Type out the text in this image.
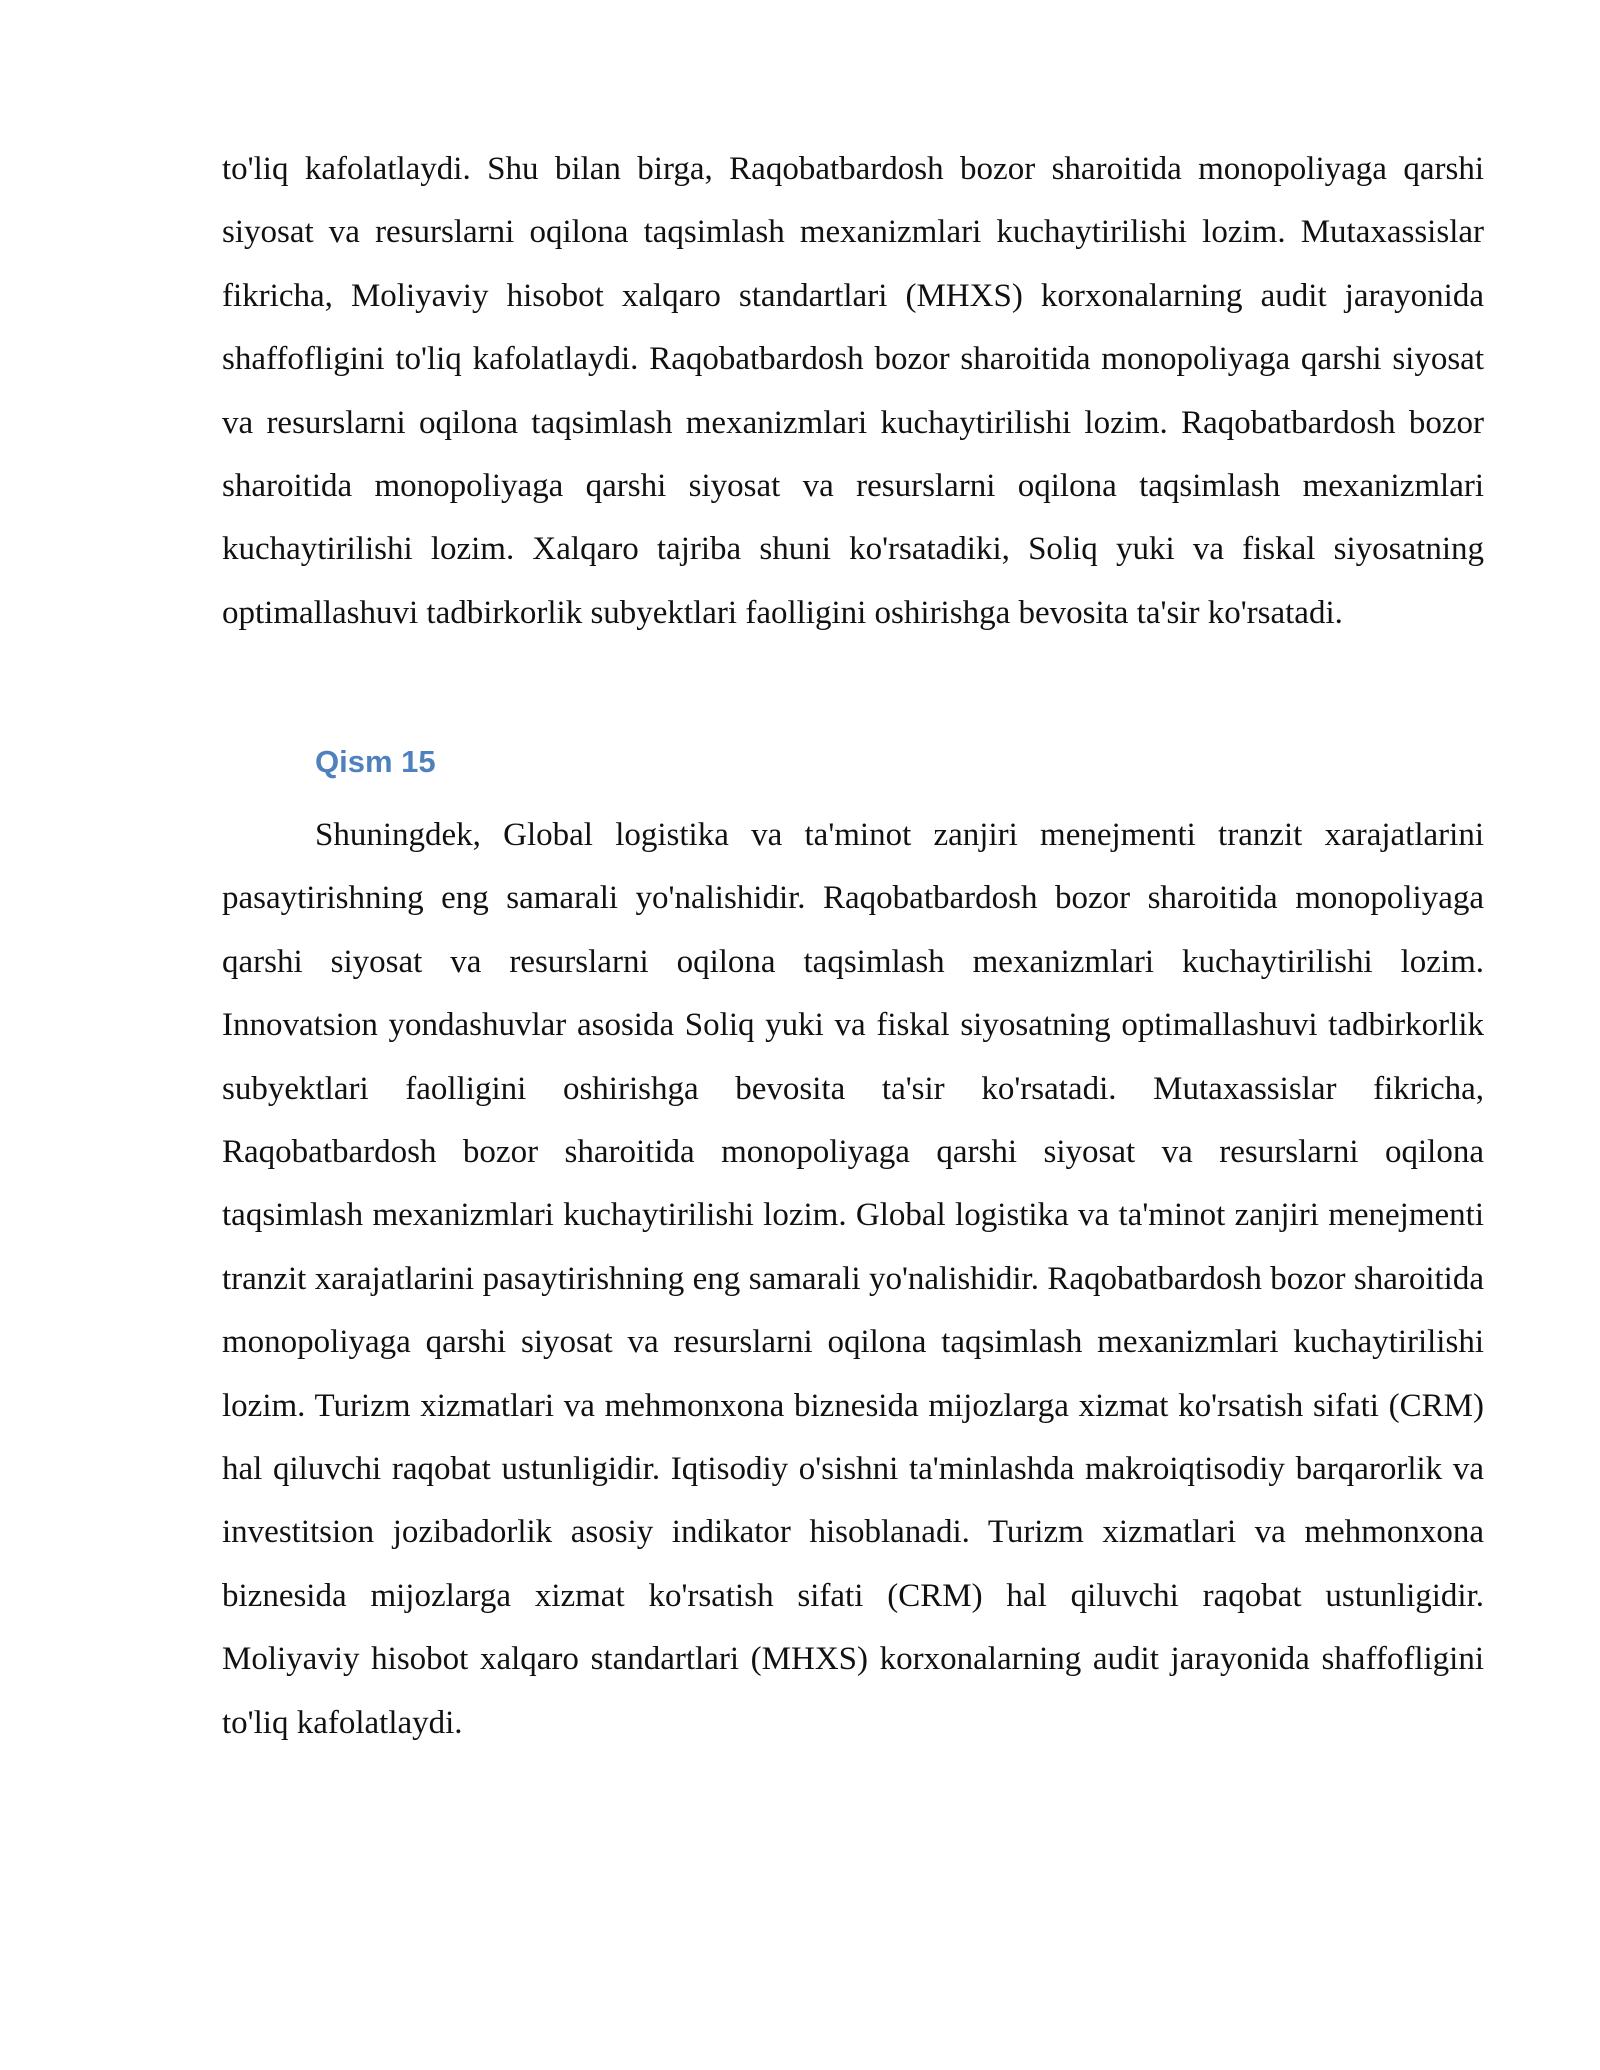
to'liq kafolatlaydi. Shu bilan birga, Raqobatbardosh bozor sharoitida monopoliyaga qarshi siyosat va resurslarni oqilona taqsimlash mexanizmlari kuchaytirilishi lozim. Mutaxassislar fikricha, Moliyaviy hisobot xalqaro standartlari (MHXS) korxonalarning audit jarayonida shaffofligini to'liq kafolatlaydi. Raqobatbardosh bozor sharoitida monopoliyaga qarshi siyosat va resurslarni oqilona taqsimlash mexanizmlari kuchaytirilishi lozim. Raqobatbardosh bozor sharoitida monopoliyaga qarshi siyosat va resurslarni oqilona taqsimlash mexanizmlari kuchaytirilishi lozim. Xalqaro tajriba shuni ko'rsatadiki, Soliq yuki va fiskal siyosatning optimallashuvi tadbirkorlik subyektlari faolligini oshirishga bevosita ta'sir ko'rsatadi.

Qism 15

Shuningdek, Global logistika va ta'minot zanjiri menejmenti tranzit xarajatlarini pasaytirishning eng samarali yo'nalishidir. Raqobatbardosh bozor sharoitida monopoliyaga qarshi siyosat va resurslarni oqilona taqsimlash mexanizmlari kuchaytirilishi lozim. Innovatsion yondashuvlar asosida Soliq yuki va fiskal siyosatning optimallashuvi tadbirkorlik subyektlari faolligini oshirishga bevosita ta'sir ko'rsatadi. Mutaxassislar fikricha, Raqobatbardosh bozor sharoitida monopoliyaga qarshi siyosat va resurslarni oqilona taqsimlash mexanizmlari kuchaytirilishi lozim. Global logistika va ta'minot zanjiri menejmenti tranzit xarajatlarini pasaytirishning eng samarali yo'nalishidir. Raqobatbardosh bozor sharoitida monopoliyaga qarshi siyosat va resurslarni oqilona taqsimlash mexanizmlari kuchaytirilishi lozim. Turizm xizmatlari va mehmonxona biznesida mijozlarga xizmat ko'rsatish sifati (CRM) hal qiluvchi raqobat ustunligidir. Iqtisodiy o'sishni ta'minlashda makroiqtisodiy barqarorlik va investitsion jozibadorlik asosiy indikator hisoblanadi. Turizm xizmatlari va mehmonxona biznesida mijozlarga xizmat ko'rsatish sifati (CRM) hal qiluvchi raqobat ustunligidir. Moliyaviy hisobot xalqaro standartlari (MHXS) korxonalarning audit jarayonida shaffofligini to'liq kafolatlaydi.
